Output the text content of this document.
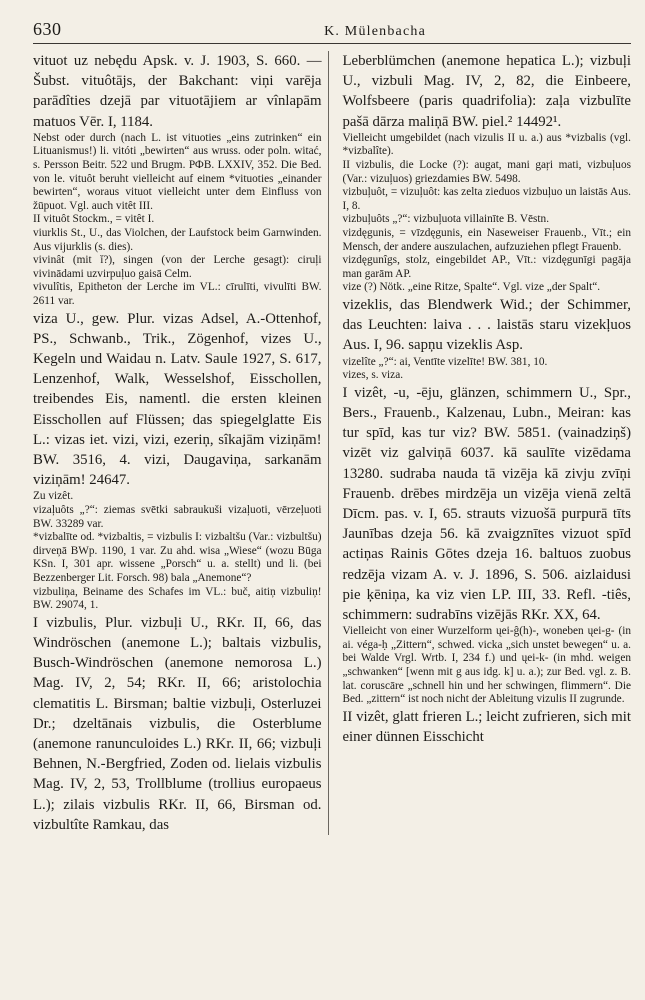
630	K. Mülenbacha

vituot uz nebędu Apsk. v. J. 1903, S. 660. — Šubst. vituôtājs, der Bakchant: viņi varēja parādîties dzejā par vituotājiem ar vînlapām matuos Vēr. I, 1184.

Nebst oder durch (nach L. ist vituoties „eins zutrinken“ ein Lituanismus!) li. vitóti „bewirten“ aus wruss. oder poln. witać, s. Persson Beitr. 522 und Brugm. РФВ. LXXIV, 352. Die Bed. von le. vituôt beruht vielleicht auf einem *vituoties „einander bewirten“, woraus vituot vielleicht unter dem Einfluss von žūpuot. Vgl. auch vitêt III.

II vituôt Stockm., = vitêt I.

viurklis St., U., das Violchen, der Laufstock beim Garnwinden. Aus vijurklis (s. dies).

vivinât (mit ĭ?), singen (von der Lerche gesagt): ciruļi vivinādami uzvirpuļuo gaisā Celm.

vivulîtis, Epitheton der Lerche im VL.: cīrulīti, vivulīti BW. 2611 var.

viza U., gew. Plur. vizas Adsel, A.-Ottenhof, PS., Schwanb., Trik., Zögenhof, vizes U., Kegeln und Waidau n. Latv. Saule 1927, S. 617, Lenzenhof, Walk, Wesselshof, Eisschollen, treibendes Eis, namentl. die ersten kleinen Eisschollen auf Flüssen; das spiegelglatte Eis L.: vizas iet. vizi, vizi, ezeriņ, sîkajām viziņām! BW. 3516, 4. vizi, Daugaviņa, sarkanām viziņām! 24647.

Zu vizêt.

vizaļuôts „?“: ziemas svētki sabraukuši vizaļuoti, vērzeļuoti BW. 33289 var.

*vizbalīte od. *vizbaltis, = vizbulis I: vizbaltšu (Var.: vizbultšu) dirveņā BWp. 1190, 1 var. Zu ahd. wisa „Wiese“ (wozu Būga KSn. I, 301 apr. wissene „Porsch“ u. a. stellt) und li. (bei Bezzenberger Lit. Forsch. 98) bala „Anemone“?

vizbuliņa, Beiname des Schafes im VL.: buč, aitiņ vizbuliņ! BW. 29074, 1.

I vizbulis, Plur. vizbuļi U., RKr. II, 66, das Windröschen (anemone L.); baltais vizbulis, Busch-Windröschen (anemone nemorosa L.) Mag. IV, 2, 54; RKr. II, 66; aristolochia clematitis L. Birsman; baltie vizbuļi, Osterluzei Dr.; dzeltānais vizbulis, die Osterblume (anemone ranunculoides L.) RKr. II, 66; vizbuļi Behnen, N.-Bergfried, Zoden od. lielais vizbulis Mag. IV, 2, 53, Trollblume (trollius europaeus L.); zilais vizbulis RKr. II, 66, Birsman od. vizbultîte Ramkau, das

Leberblümchen (anemone hepatica L.); vizbuļi U., vizbuli Mag. IV, 2, 82, die Einbeere, Wolfsbeere (paris quadrifolia): zaļa vizbulīte pašā dārza maliņā BW. piel.² 14492¹.

Vielleicht umgebildet (nach vizulis II u. a.) aus *vizbalis (vgl. *vizbalîte).

II vizbulis, die Locke (?): augat, mani gaŗi mati, vizbuļuos (Var.: vizuļuos) griezdamies BW. 5498.

vizbuļuôt, = vizuļuôt: kas zelta zieduos vizbuļuo un laistās Aus. I, 8.

vizbuļuôts „?“: vizbuļuota villainīte B. Vēstn.

vizdęgunis, = vīzdęgunis, ein Naseweiser Frauenb., Vīt.; ein Mensch, der andere auszulachen, aufzuziehen pflegt Frauenb.

vizdęgunîgs, stolz, eingebildet AP., Vīt.: vizdęgunīgi pagāja man garām AP.

vize (?) Nötk. „eine Ritze, Spalte“. Vgl. vize „der Spalt“.

vizeklis, das Blendwerk Wid.; der Schimmer, das Leuchten: laiva . . . laistās staru vizekļuos Aus. I, 96. sapņu vizeklis Asp.

vizelîte „?“: ai, Ventīte vizelīte! BW. 381, 10.

vizes, s. viza.

I vizêt, -u, -ēju, glänzen, schimmern U., Spr., Bers., Frauenb., Kalzenau, Lubn., Meiran: kas tur spīd, kas tur viz? BW. 5851. (vainadziņš) vizēt viz galviņā 6037. kā saulīte vizēdama 13280. sudraba nauda tā vizēja kā zivju zvīņi Frauenb. drēbes mirdzēja un vizēja vienā zeltā Dīcm. pas. v. I, 65. strauts vizuošā purpurā tīts Jaunības dzeja 56. kā zvaigznītes vizuot spīd actiņas Rainis Gōtes dzeja 16. baltuos zuobus redzēja vizam A. v. J. 1896, S. 506. aizlaidusi pie ķēniņa, ka viz vien LP. III, 33. Refl. -tiês, schimmern: sudrabīns vizējās RKr. XX, 64.

Vielleicht von einer Wurzelform ųei-ĝ(h)-, woneben ųei-g- (in ai. véga-ḥ „Zittern“, schwed. vicka „sich unstet bewegen“ u. a. bei Walde Vrgl. Wrtb. I, 234 f.) und ųei-k- (in mhd. weigen „schwanken“ [wenn mit g aus idg. k] u. a.); zur Bed. vgl. z. B. lat. coruscāre „schnell hin und her schwingen, flimmern“. Die Bed. „zittern“ ist noch nicht der Ableitung vizulis II zugrunde.

II vizêt, glatt frieren L.; leicht zufrieren, sich mit einer dünnen Eisschicht
